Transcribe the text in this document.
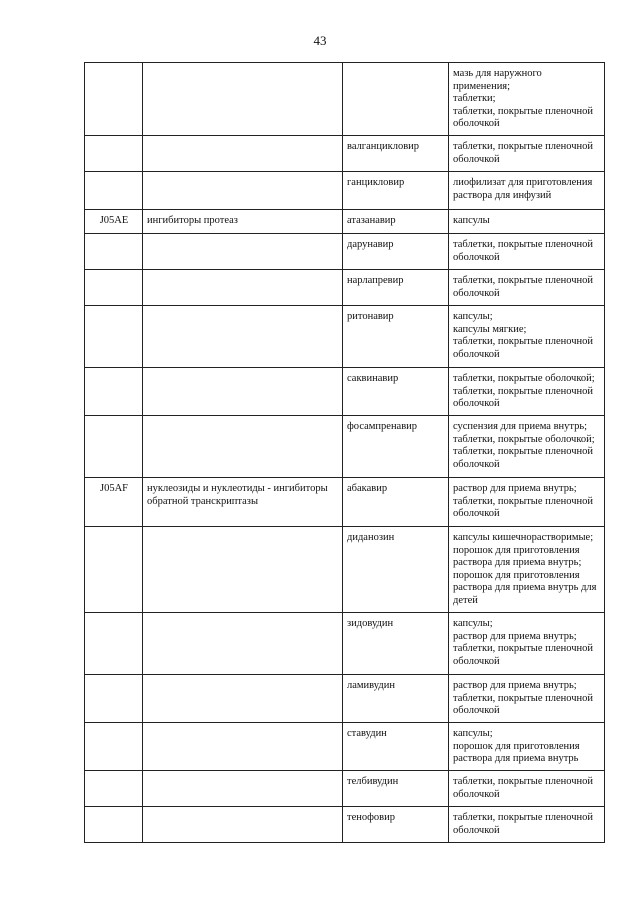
43
			мазь для наружного применения;
таблетки;
таблетки, покрытые пленочной оболочкой
		валганцикловир	таблетки, покрытые пленочной оболочкой
		ганцикловир	лиофилизат для приготовления раствора для инфузий
J05AE	ингибиторы протеаз	атазанавир	капсулы
		дарунавир	таблетки, покрытые пленочной оболочкой
		нарлапревир	таблетки, покрытые пленочной оболочкой
		ритонавир	капсулы;
капсулы мягкие;
таблетки, покрытые пленочной оболочкой
		саквинавир	таблетки, покрытые оболочкой;
таблетки, покрытые пленочной оболочкой
		фосампренавир	суспензия для приема внутрь;
таблетки, покрытые оболочкой;
таблетки, покрытые пленочной оболочкой
J05AF	нуклеозиды и нуклеотиды - ингибиторы обратной транскриптазы	абакавир	раствор для приема внутрь;
таблетки, покрытые пленочной оболочкой
		диданозин	капсулы кишечнорастворимые;
порошок для приготовления раствора для приема внутрь;
порошок для приготовления раствора для приема внутрь для детей
		зидовудин	капсулы;
раствор для приема внутрь;
таблетки, покрытые пленочной оболочкой
		ламивудин	раствор для приема внутрь;
таблетки, покрытые пленочной оболочкой
		ставудин	капсулы;
порошок для приготовления раствора для приема внутрь
		телбивудин	таблетки, покрытые пленочной оболочкой
		тенофовир	таблетки, покрытые пленочной оболочкой
